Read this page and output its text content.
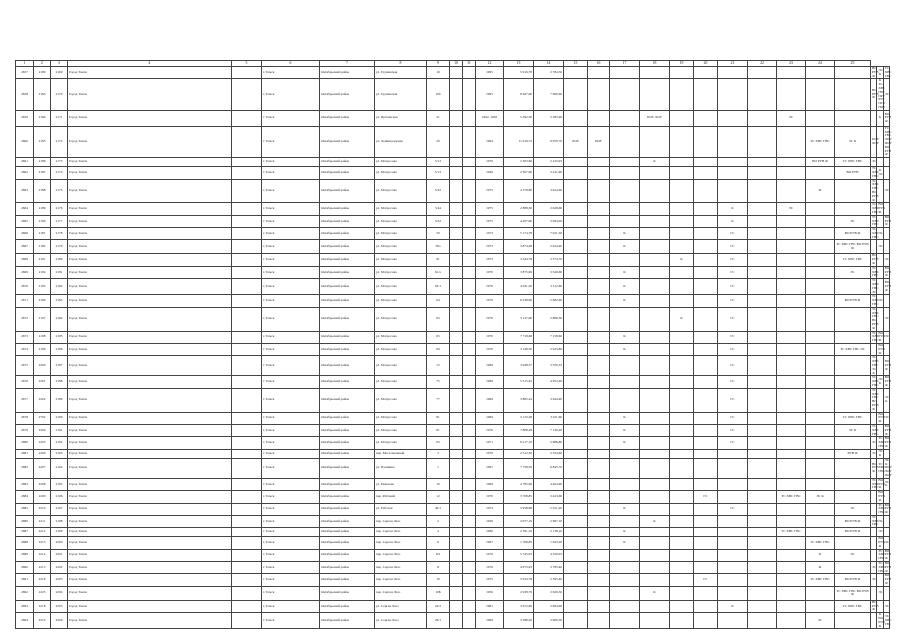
1	2	3	4	5	6	7	8	9	10	11	12	13	14	15	16	17	18	19	20	21	22	23	24	25			
2657	2180	2169	Город Томск		г. Томск	Октябрьский район	ул. Грузинская	19			1995	5 916,78	2 784,50												ВО РУВ Ф	ЭС К	ТС ХВС ГВС
2658	2183	2170	Город Томск		г. Томск	Октябрьский район	ул. Грузинская	19б			1995	8 267,60	7 960,60												ВО РУВ Ф	К ТС ХВС ГВС ПРУ РУС ПСУ ПОУ	ЭС
2659	2184	2171	Город Томск		г. Томск	Октябрьский район	ул. Иртышская	21			1992, 1993	5 392,30	5 285,90				ПОУ ЛОУ					ЭС				К	ВО РУВ Ф
2660	2185	2172	Город Томск		г. Томск	Октябрьский район	ул. Ленинградская	20			1994	11 019,72	9 950,70	ЛОУ	ПОУ								ТС ХВС ГВС	ЭС К	ПОУ ЛОУ		ТС ХВС ГВС ЛОУ ПОУ ВО РУВ Ф
2661	2186	2173	Город Томск		г. Томск	Октябрьский район	ул. Матросова	5/12			1976	2 303,60	2 125,93				К						ВО РУВ Ф	ТС ХВС ГВС	ЭС		
2662	2187	2174	Город Томск		г. Томск	Октябрьский район	ул. Матросова	5/13			1949	2 507,60	2 241,60											ВО РУВ	ТС ХВС ГВС	К ЭС	
2663	2188	2175	Город Томск		г. Томск	Октябрьский район	ул. Матросова	5/42			1975	4 378,80	3 924,60										Ф		ТС ХВС ГВС ВО РУВ Ф		ЭС
2664	2189	2176	Город Томск		г. Томск	Октябрьский район	ул. Матросова	5/44			1975	2 888,30	2 628,60							К		ЭС			ТС ХВС ГВС	ВО РУВ Ф	
2665	2190	2177	Город Томск		г. Томск	Октябрьский район	ул. Матросова	5/52			1975	4 267,60	3 993,00							К				ЭС	ТС ХВС ГВС		ВО РУВ Ф
2666	2181	2178	Город Томск		г. Томск	Октябрьский район	ул. Матросова	50			1973	5 174,78	7 021,50			К				ГС				ВО РУВ Ф	ТС ХВС ГВС	ЭС	
2667	2182	2179	Город Томск		г. Томск	Октябрьский район	ул. Матросова	58а			1973	3 874,48	2 924,40			К				ГС				ТС ХВС ГВС ВО РУВ Ф		ЭС	
2668	2191	2180	Город Томск		г. Томск	Октябрьский район	ул. Матросова	61			1973	3 344,78	3 374,70					К		ГС				ТС ХВС ГВС	ВО РУВ Ф		ЭС
2669	2194	2181	Город Томск		г. Томск	Октябрьский район	ул. Матросова	61/а			1970	3 875,99	3 549,60			К				ГС				ЭС	ТС ХВС ГВС		ВО РУВ Ф
2670	2195	2182	Город Томск		г. Томск	Октябрьский район	ул. Матросова	63/1			1970	4 631,20	3 512,60			К				ГС					ТС ХВС ГВС ЭС		ВО РУВ Ф
2671	2196	2183	Город Томск		г. Томск	Октябрьский район	ул. Матросова	64			1970	6 238,90	5 682,60			К				ГС				ВО РУВ Ф	ТС ХВС ГВС	ЭС	
2672	2197	2184	Город Томск		г. Томск	Октябрьский район	ул. Матросова	65			1970	3 137,60	2 886,50					К		ГС					ТС ХВС ГВС ВО РУВ Ф		ЭС
2673	2198	2185	Город Томск		г. Томск	Октябрьский район	ул. Матросова	65			1970	7 718,68	7 158,60			К				ГС					ТС ХВС ГВС	ВО РУВ Ф	ЭС
2674	2199	2186	Город Томск		г. Томск	Октябрьский район	ул. Матросова	69			1970	3 148,50	2 923,80			К				ГС				ТС ХВС ГВС ЭС		ВО РУВ Ф	
2675	2200	2187	Город Томск		г. Томск	Октябрьский район	ул. Матросова	72			1969	3 948,37	3 550,33							ГС					ТС ХВС ГВС ЭС К		ВО РУВ Ф
2676	2201	2188	Город Томск		г. Томск	Октябрьский район	ул. Матросова	75			1969	5 315,45	4 952,26							ГС					ТС ХВС ГВС	ЭС К	ВО РУВ Ф
2677	2202	2189	Город Томск		г. Томск	Октябрьский район	ул. Матросова	77			1969	3 885,24	3 644,40							ГС					ТС ХВС ГВС ВО РУВ Ф		ЭС К
2678	2792	2190	Город Томск		г. Томск	Октябрьский район	ул. Матросова	81			1969	3 123,28	3 911,60			К				ГС				ТС ХВС ГВС		ВО РУВ Ф	ЭС
2679	2204	2191	Город Томск		г. Томск	Октябрьский район	ул. Матросова	81			1970	7 808,28	7 130,20			К				ГС				ЭС К	ТС ХВС ГВС		ВО РУВ Ф
2680	2205	2192	Город Томск		г. Томск	Октябрьский район	ул. Матросова	95			1971	6 217,10	5 686,80			К				ГС					ЭС	ТС ХВС ГВС	ВО РУВ Ф
2681	2206	2193	Город Томск		г. Томск	Октябрьский район	пер. Мостовальный	3			1976	2 512,30	2 354,60											РУВ Ф	ЭС	ЭС К	
2682	2207	2194	Город Томск		г. Томск	Октябрьский район	ул. Пушкина	1			1997	7 758,59	6 845,70												ВО РУВ Ф	ТС ХВС ГВС	ЭС К ПОУ ЛОУ ПОУ
2683	2208	2195	Город Томск		г. Томск	Октябрьский район	ул. Ремезова	10			1969	4 785,66	4 464,60												ТС ХВС ГВС	ВО РУВ Ф	ЭС К
2684	2209	2196	Город Томск		г. Томск	Октябрьский район	пер. Рабочий	12			1970	3 708,85	3 423,60						ГС			ТС ХВС ГВС	ЭС К			ВО РУВ Ф	
2685	2210	2197	Город Томск		г. Томск	Октябрьский район	ул. Рабочая	40/1			1973	5 958,98	5 521,20			К				ГС				ЭС		ТС ХВС ГВС	ВО РУВ Ф
2686	2211	2198	Город Томск		г. Томск	Октябрьский район	пер. Сергея Лазо	2			1956	2 977,19	2 697,10				К							ВО РУВ Ф	ТС ХВС ГВС	ЭС	
2687	2212	2199	Город Томск		г. Томск	Октябрьский район	пер. Сергея Лазо	4			1966	2 391,19	2 138,10			К						ТС ХВС ГВС		ВО РУВ Ф		ЭС	
2688	2213	2200	Город Томск		г. Томск	Октябрьский район	пер. Сергея Лазо	6			1967	1 708,85	1 643,20			К							ТС ХВС ГВС			ВО РУВ Ф	ЭС
2689	2214	2201	Город Томск		г. Томск	Октябрьский район	пер. Сергея Лазо	6/2			1976	5 745,93	4 529,05										К	ЭС		ТС ХВС ГВС	ВО РУВ Ф
2690	2215	2202	Город Томск		г. Томск	Октябрьский район	пер. Сергея Лазо	8			1976	4 973,93	3 785,40										Ф		ЭС	ТС ХВС ГВС	ВО РУВ Ф
2691	2216	2203	Город Томск		г. Томск	Октябрьский район	пер. Сергея Лазо	10			1975	5 934,78	5 395,40						ГС				ТС ХВС ГВС	ВО РУВ Ф	ЭС		ВО РУВ Ф
2692	2223	2204	Город Томск		г. Томск	Октябрьский район	пер. Сергея Лазо	10Б			1956	2 938,79	2 626,50				К							ТС ХВС ГВС ВО РУВ Ф		ЭС	
2693	2218	2205	Город Томск		г. Томск	Октябрьский район	ул. Сергея Лазо	24/2			1981	3 072,60	2 694,90							К				ТС ХВС ГВС	ВО РУВ Ф		ЭС
2694	2219	2206	Город Томск		г. Томск	Октябрьский район	ул. Сергея Лазо	26/1			1969	3 388,20	2 960,30										ЭС			К ВО РУВ Ф	ЭС ХВС ГВС
